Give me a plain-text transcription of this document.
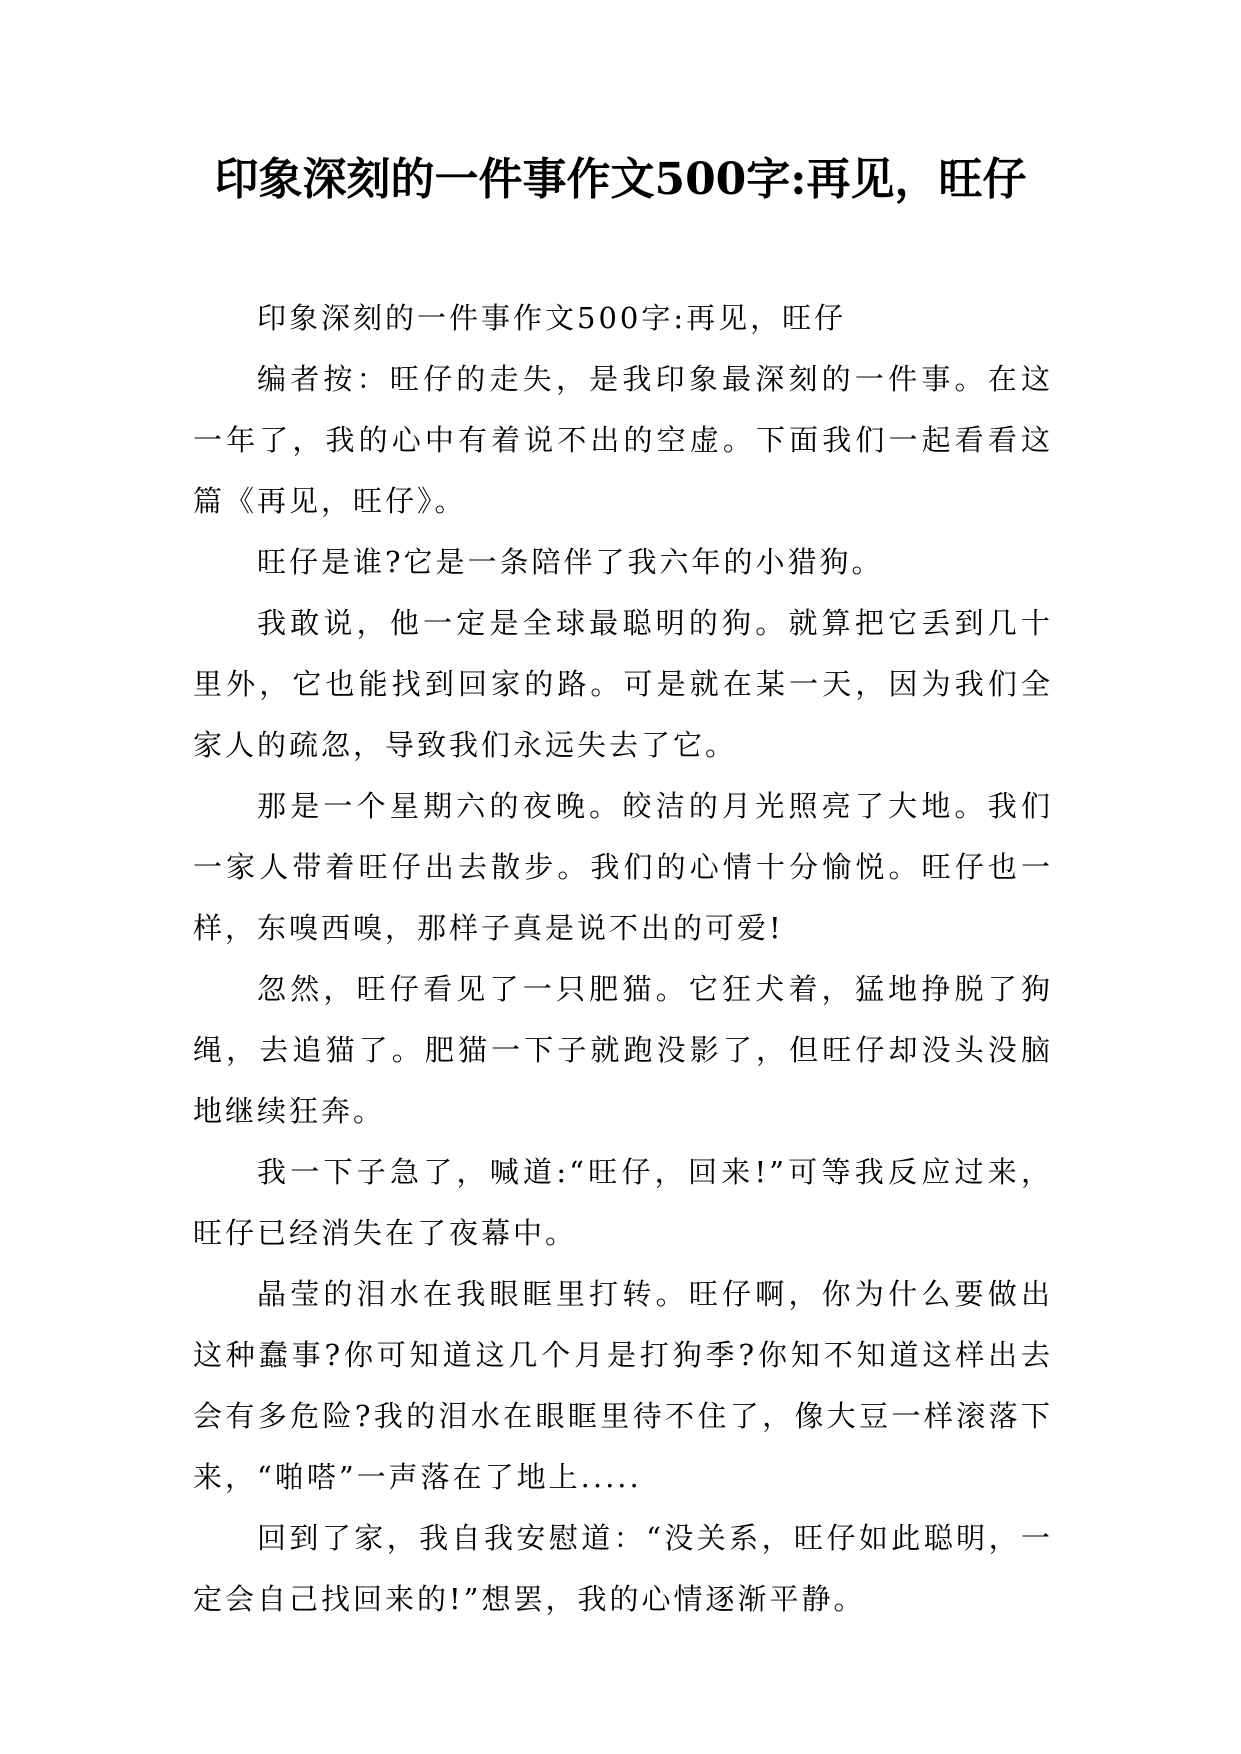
印象深刻的一件事作文500字:再见，旺仔

印象深刻的一件事作文500字:再见，旺仔

编者按：旺仔的走失，是我印象最深刻的一件事。在这一年了，我的心中有着说不出的空虚。下面我们一起看看这篇《再见，旺仔》。

旺仔是谁?它是一条陪伴了我六年的小猎狗。

我敢说，他一定是全球最聪明的狗。就算把它丢到几十里外，它也能找到回家的路。可是就在某一天，因为我们全家人的疏忽，导致我们永远失去了它。

那是一个星期六的夜晚。皎洁的月光照亮了大地。我们一家人带着旺仔出去散步。我们的心情十分愉悦。旺仔也一样，东嗅西嗅，那样子真是说不出的可爱!

忽然，旺仔看见了一只肥猫。它狂犬着，猛地挣脱了狗绳，去追猫了。肥猫一下子就跑没影了，但旺仔却没头没脑地继续狂奔。

我一下子急了，喊道:“旺仔，回来!”可等我反应过来，旺仔已经消失在了夜幕中。

晶莹的泪水在我眼眶里打转。旺仔啊，你为什么要做出这种蠢事?你可知道这几个月是打狗季?你知不知道这样出去会有多危险?我的泪水在眼眶里待不住了，像大豆一样滚落下来，“啪嗒”一声落在了地上.....

回到了家，我自我安慰道：“没关系，旺仔如此聪明，一定会自己找回来的!”想罢，我的心情逐渐平静。
